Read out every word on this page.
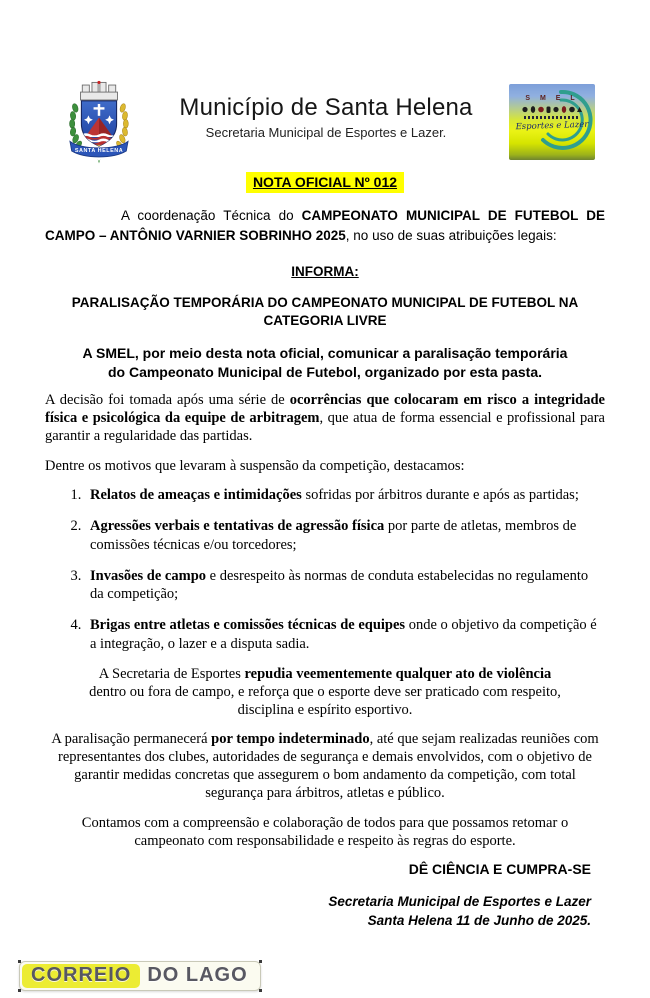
SANTA HELENA
Município de Santa Helena
Secretaria Municipal de Esportes e Lazer.
S M E L
Esportes e Lazer
NOTA OFICIAL Nº 012

A coordenação Técnica do CAMPEONATO MUNICIPAL DE FUTEBOL DE CAMPO – ANTÔNIO VARNIER SOBRINHO 2025, no uso de suas atribuições legais:

INFORMA:
PARALISAÇÃO TEMPORÁRIA DO CAMPEONATO MUNICIPAL DE FUTEBOL NA CATEGORIA LIVRE

A SMEL, por meio desta nota oficial, comunicar a paralisação temporária do Campeonato Municipal de Futebol, organizado por esta pasta.

A decisão foi tomada após uma série de ocorrências que colocaram em risco a integridade física e psicológica da equipe de arbitragem, que atua de forma essencial e profissional para garantir a regularidade das partidas.

Dentre os motivos que levaram à suspensão da competição, destacamos:

1. Relatos de ameaças e intimidações sofridas por árbitros durante e após as partidas;
2. Agressões verbais e tentativas de agressão física por parte de atletas, membros de comissões técnicas e/ou torcedores;
3. Invasões de campo e desrespeito às normas de conduta estabelecidas no regulamento da competição;
4. Brigas entre atletas e comissões técnicas de equipes onde o objetivo da competição é a integração, o lazer e a disputa sadia.

A Secretaria de Esportes repudia veementemente qualquer ato de violência dentro ou fora de campo, e reforça que o esporte deve ser praticado com respeito, disciplina e espírito esportivo.

A paralisação permanecerá por tempo indeterminado, até que sejam realizadas reuniões com representantes dos clubes, autoridades de segurança e demais envolvidos, com o objetivo de garantir medidas concretas que assegurem o bom andamento da competição, com total segurança para árbitros, atletas e público.

Contamos com a compreensão e colaboração de todos para que possamos retomar o campeonato com responsabilidade e respeito às regras do esporte.

DÊ CIÊNCIA E CUMPRA-SE

Secretaria Municipal de Esportes e Lazer
Santa Helena 11 de Junho de 2025.
CORREIO DO LAGO
